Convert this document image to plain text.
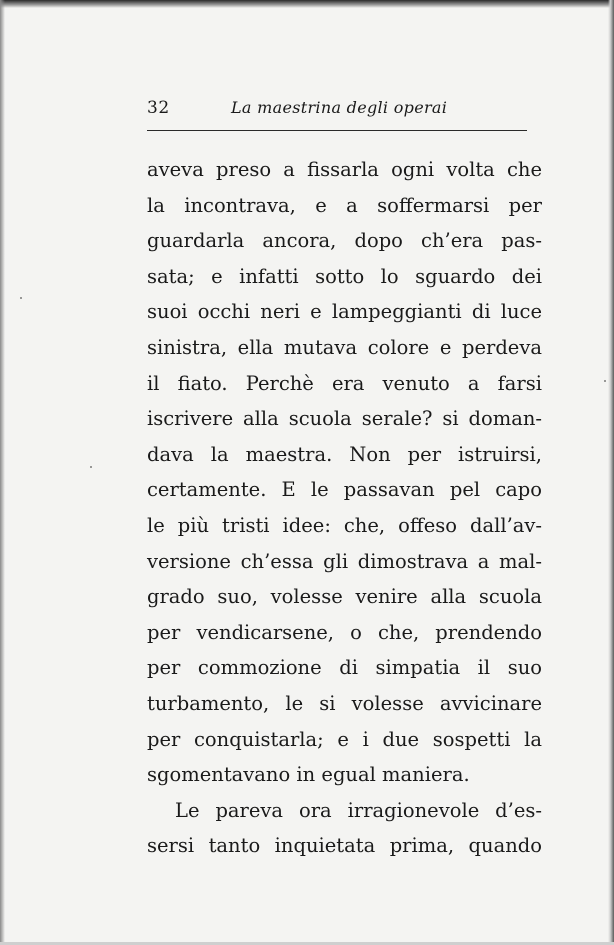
32	La maestrina degli operai
aveva preso a fissarla ogni volta che
la incontrava, e a soffermarsi per
guardarla ancora, dopo ch’era pas-
sata; e infatti sotto lo sguardo dei
suoi occhi neri e lampeggianti di luce
sinistra, ella mutava colore e perdeva
il fiato. Perchè era venuto a farsi
iscrivere alla scuola serale? si doman-
dava la maestra. Non per istruirsi,
certamente. E le passavan pel capo
le più tristi idee: che, offeso dall’av-
versione ch’essa gli dimostrava a mal-
grado suo, volesse venire alla scuola
per vendicarsene, o che, prendendo
per commozione di simpatia il suo
turbamento, le si volesse avvicinare
per conquistarla; e i due sospetti la
sgomentavano in egual maniera.
Le pareva ora irragionevole d’es-
sersi tanto inquietata prima, quando
